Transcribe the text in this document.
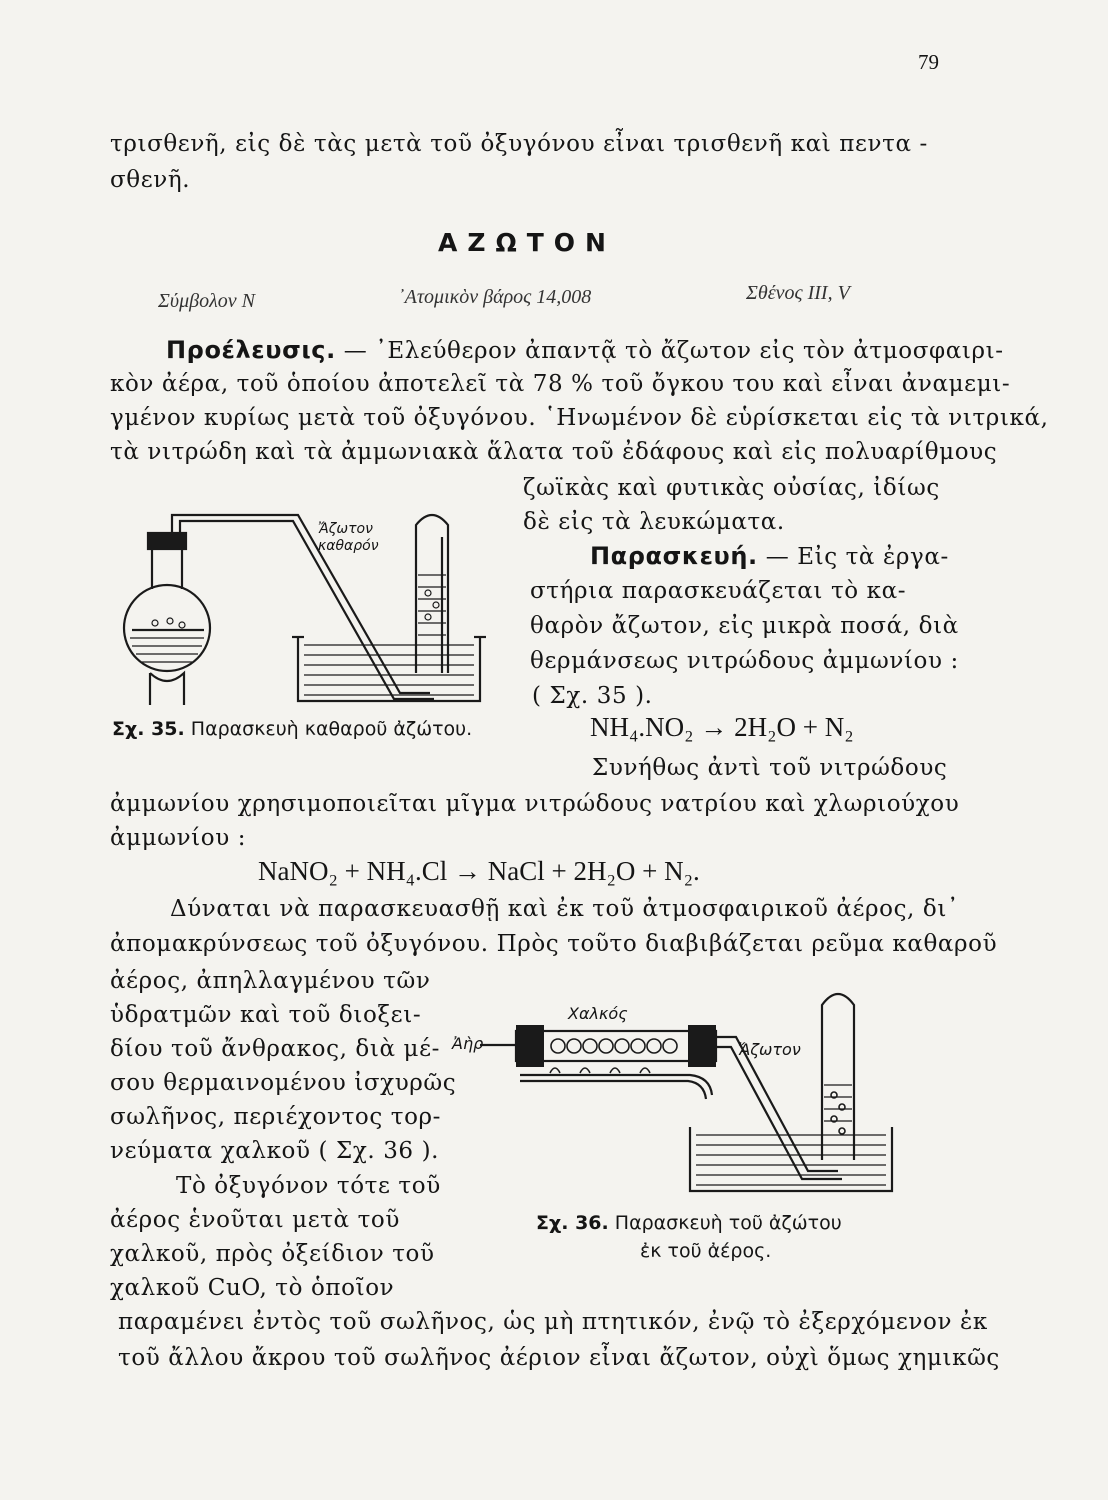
79
τρισθενῆ, εἰς δὲ τὰς μετὰ τοῦ ὀξυγόνου εἶναι τρισθενῆ καὶ πεντα -
σθενῆ.
ΑΖΩΤΟΝ
Σύμβολον N	᾿Ατομικὸν βάρος 14,008	Σθένος III, V
Προέλευσις. — ᾿Ελεύθερον ἀπαντᾷ τὸ ἄζωτον εἰς τὸν ἀτμοσφαιρι-
κὸν ἀέρα, τοῦ ὁποίου ἀποτελεῖ τὰ 78 % τοῦ ὄγκου του καὶ εἶναι ἀναμεμι-
γμένον κυρίως μετὰ τοῦ ὀξυγόνου. ῾Ηνωμένον δὲ εὑρίσκεται εἰς τὰ νιτρικά,
τὰ νιτρώδη καὶ τὰ ἀμμωνιακὰ ἅλατα τοῦ ἐδάφους καὶ εἰς πολυαρίθμους
ζωϊκὰς καὶ φυτικὰς οὐσίας, ἰδίως
δὲ εἰς τὰ λευκώματα.
Ἄζωτον καθαρόν
Σχ. 35. Παρασκευὴ καθαροῦ ἀζώτου.
Παρασκευή. — Εἰς τὰ ἐργα-
στήρια παρασκευάζεται τὸ κα-
θαρὸν ἄζωτον, εἰς μικρὰ ποσά, διὰ
θερμάνσεως νιτρώδους ἀμμωνίου :
( Σχ. 35 ).
NH₄.NO₂ → 2H₂O + N₂
Συνήθως ἀντὶ τοῦ νιτρώδους
ἀμμωνίου χρησιμοποιεῖται μῖγμα νιτρώδους νατρίου καὶ χλωριούχου
ἀμμωνίου :
NaNO₂ + NH₄.Cl → NaCl + 2H₂O + N₂.
Δύναται νὰ παρασκευασθῇ καὶ ἐκ τοῦ ἀτμοσφαιρικοῦ ἀέρος, δι᾽
ἀπομακρύνσεως τοῦ ὀξυγόνου. Πρὸς τοῦτο διαβιβάζεται ρεῦμα καθαροῦ
ἀέρος, ἀπηλλαγμένου τῶν
ὑδρατμῶν καὶ τοῦ διοξει-
δίου τοῦ ἄνθρακος, διὰ μέ-
σου θερμαινομένου ἰσχυρῶς
σωλῆνος, περιέχοντος τορ-
νεύματα χαλκοῦ ( Σχ. 36 ).
Χαλκός
Ἀὴρ	Ἄζωτον
Σχ. 36. Παρασκευὴ τοῦ ἀζώτου
ἐκ τοῦ ἀέρος.
Τὸ ὀξυγόνον τότε τοῦ
ἀέρος ἑνοῦται μετὰ τοῦ
χαλκοῦ, πρὸς ὀξείδιον τοῦ
χαλκοῦ CuO, τὸ ὁποῖον
παραμένει ἐντὸς τοῦ σωλῆνος, ὡς μὴ πτητικόν, ἐνῷ τὸ ἐξερχόμενον ἐκ
τοῦ ἄλλου ἄκρου τοῦ σωλῆνος ἀέριον εἶναι ἄζωτον, οὐχὶ ὅμως χημικῶς
